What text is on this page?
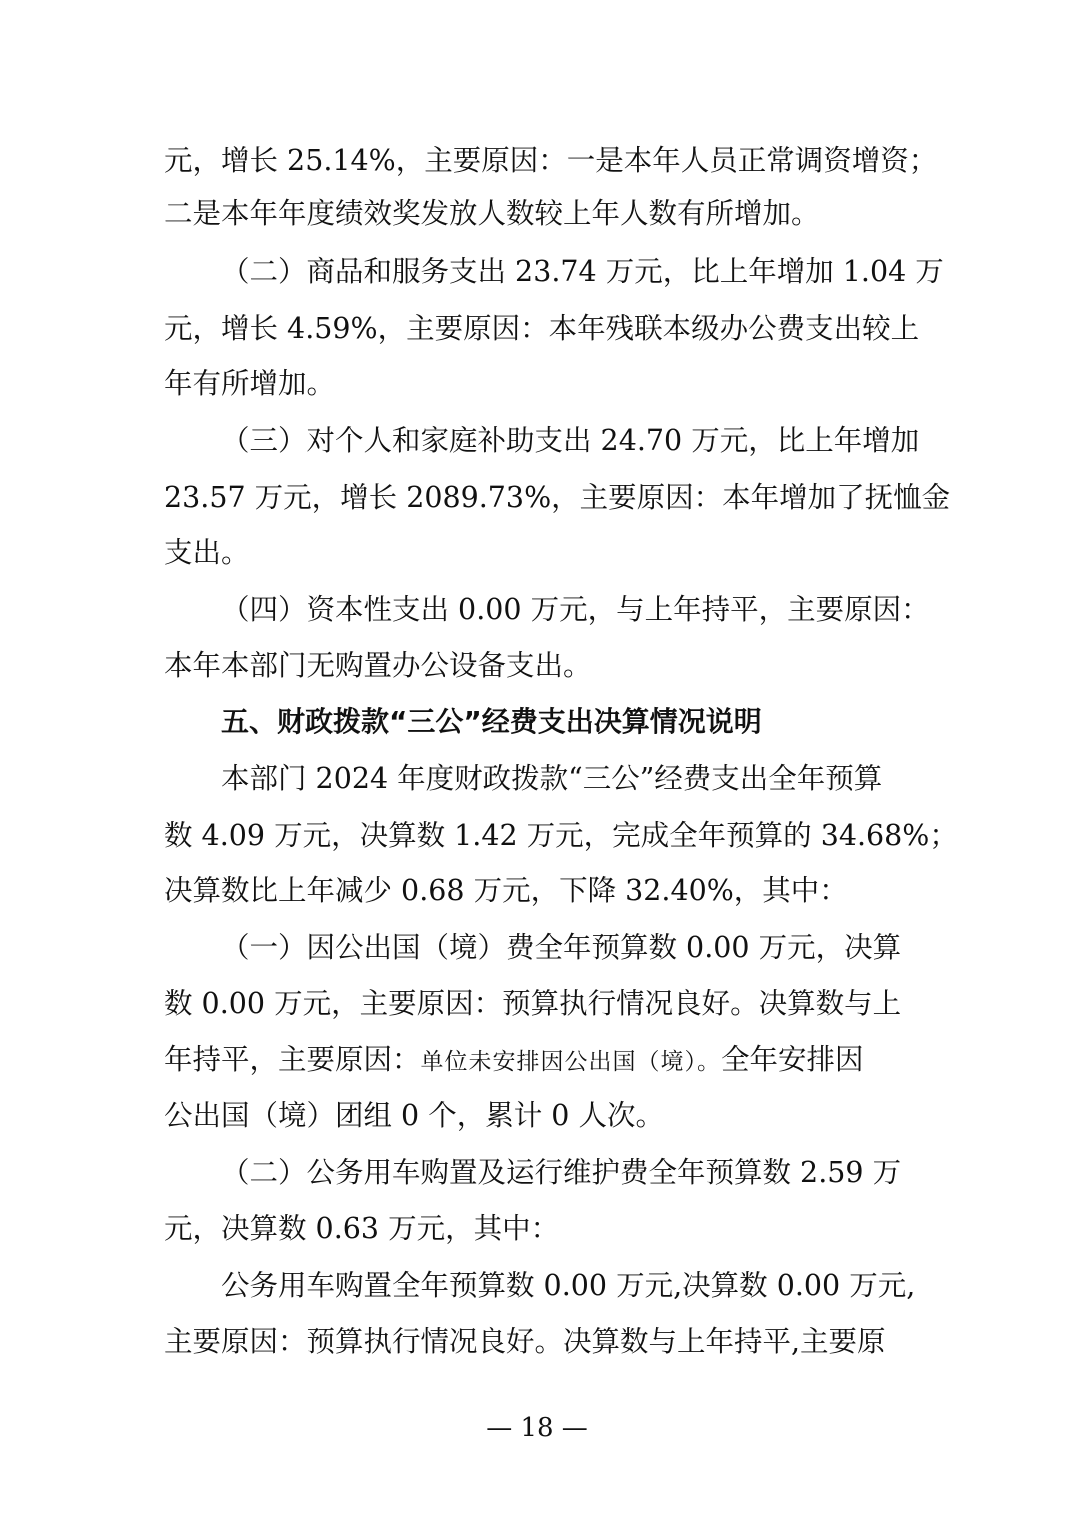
元，增长 25.14%，主要原因：一是本年人员正常调资增资；
二是本年年度绩效奖发放人数较上年人数有所增加。
（二）商品和服务支出 23.74 万元，比上年增加 1.04 万
元，增长 4.59%，主要原因：本年残联本级办公费支出较上
年有所增加。
（三）对个人和家庭补助支出 24.70 万元，比上年增加
23.57 万元，增长 2089.73%，主要原因：本年增加了抚恤金
支出。
（四）资本性支出 0.00 万元，与上年持平，主要原因：
本年本部门无购置办公设备支出。
五、财政拨款“三公”经费支出决算情况说明
本部门 2024 年度财政拨款“三公”经费支出全年预算
数 4.09 万元，决算数 1.42 万元，完成全年预算的 34.68%；
决算数比上年减少 0.68 万元，下降 32.40%，其中：
（一）因公出国（境）费全年预算数 0.00 万元，决算
数 0.00 万元，主要原因：预算执行情况良好。决算数与上
年持平，主要原因：单位未安排因公出国（境）。全年安排因
公出国（境）团组 0 个，累计 0 人次。
（二）公务用车购置及运行维护费全年预算数 2.59 万
元，决算数 0.63 万元，其中：
公务用车购置全年预算数 0.00 万元,决算数 0.00 万元,
主要原因：预算执行情况良好。决算数与上年持平,主要原
— 18 —
